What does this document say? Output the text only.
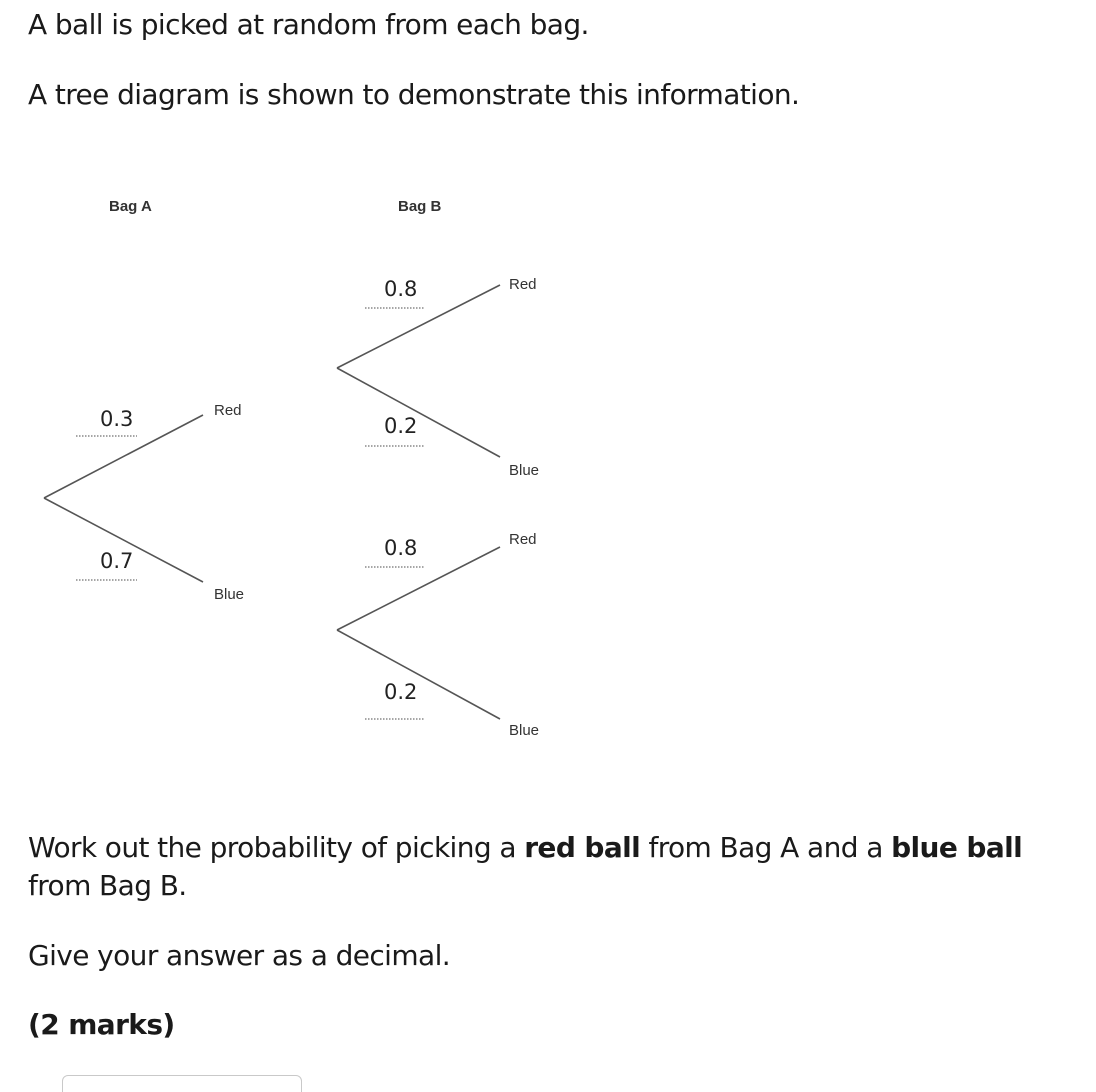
A ball is picked at random from each bag.

A tree diagram is shown to demonstrate this information.

Bag A	Bag B
0.3
0.7
0.8
0.2
0.8
0.2
Red
Blue
Red
Blue
Red
Blue

Work out the probability of picking a red ball from Bag A and a blue ball from Bag B.

Give your answer as a decimal.

(2 marks)
